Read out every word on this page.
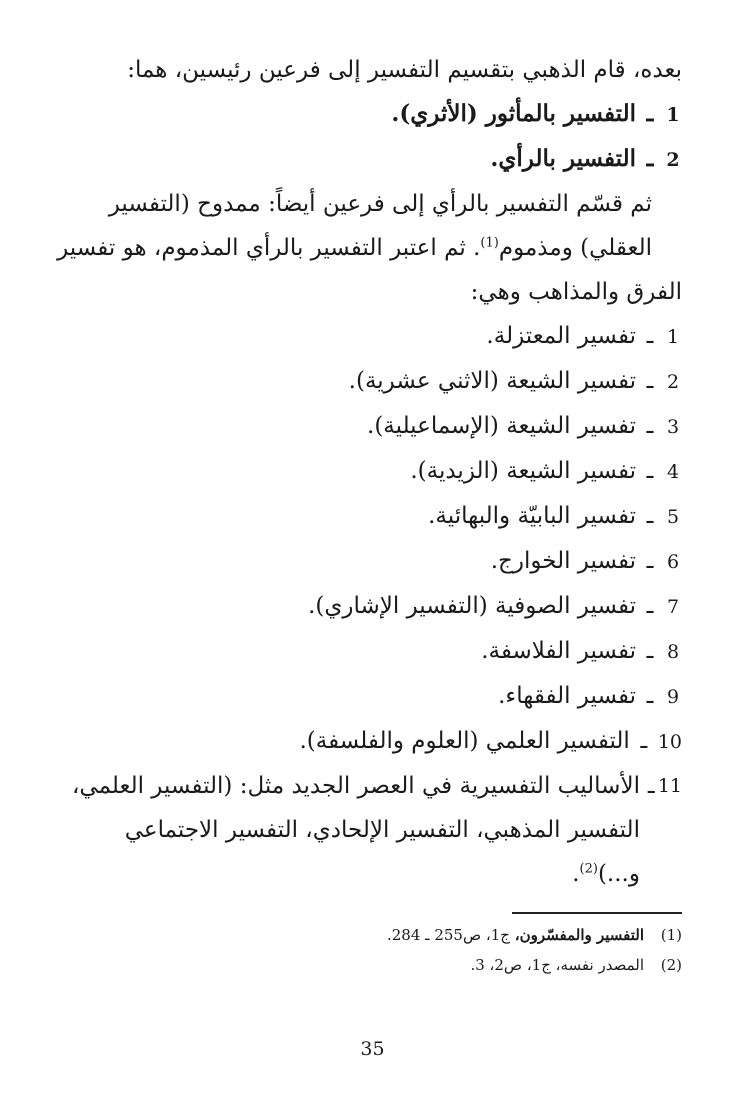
بعده، قام الذهبي بتقسيم التفسير إلى فرعين رئيسين، هما:
1
ـ
التفسير بالمأثور (الأثري).
2
ـ
التفسير بالرأي.
ثم قسّم التفسير بالرأي إلى فرعين أيضاً: ممدوح (التفسير
العقلي) ومذموم$^{(1)}$. ثم اعتبر التفسير بالرأي المذموم، هو تفسير
الفرق والمذاهب وهي:
1
ـ
تفسير المعتزلة.
2
ـ
تفسير الشيعة (الاثني عشرية).
3
ـ
تفسير الشيعة (الإسماعيلية).
4
ـ
تفسير الشيعة (الزيدية).
5
ـ
تفسير البابيّة والبهائية.
6
ـ
تفسير الخوارج.
7
ـ
تفسير الصوفية (التفسير الإشاري).
8
ـ
تفسير الفلاسفة.
9
ـ
تفسير الفقهاء.
10
ـ
التفسير العلمي (العلوم والفلسفة).
11
ـ
الأساليب التفسيرية في العصر الجديد مثل: (التفسير العلمي،
التفسير المذهبي، التفسير الإلحادي، التفسير الاجتماعي
و...)$^{(2)}$.
(1)
التفسير والمفسّرون، ج1، ص255 ـ 284.
(2)
المصدر نفسه، ج1، ص2، 3.
35
